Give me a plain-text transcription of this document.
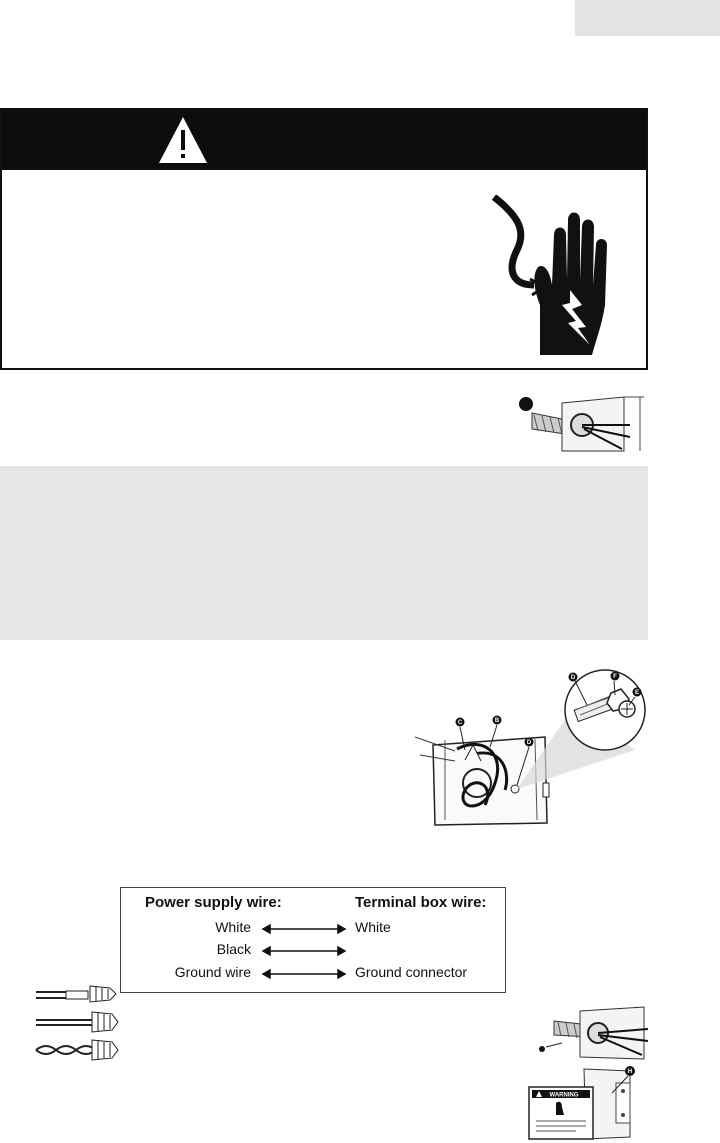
C	B
D
D	F
E
Power supply wire:	Terminal box wire:
White	White
Black
Ground wire	Ground connector
H
WARNING
